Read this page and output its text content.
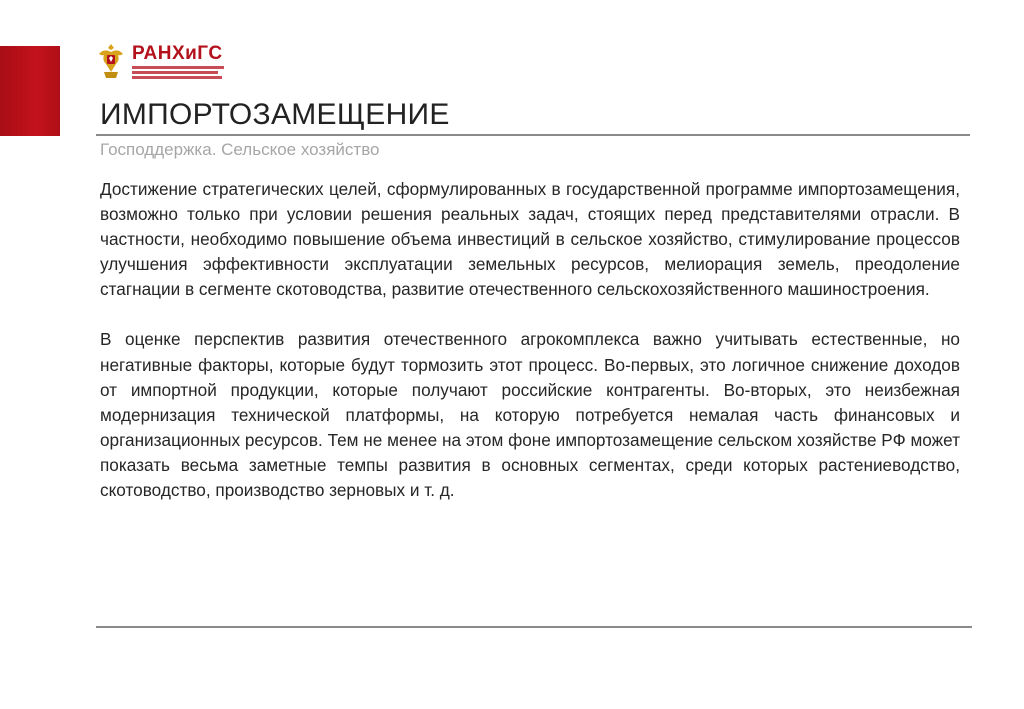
РАНХиГС
ИМПОРТОЗАМЕЩЕНИЕ

Господдержка. Сельское хозяйство

Достижение стратегических целей, сформулированных в государственной программе импортозамещения, возможно только при условии решения реальных задач, стоящих перед представителями отрасли. В частности, необходимо повышение объема инвестиций в сельское хозяйство, стимулирование процессов улучшения эффективности эксплуатации земельных ресурсов, мелиорация земель, преодоление стагнации в сегменте скотоводства, развитие отечественного сельскохозяйственного машиностроения.

В оценке перспектив развития отечественного агрокомплекса важно учитывать естественные, но негативные факторы, которые будут тормозить этот процесс. Во-первых, это логичное снижение доходов от импортной продукции, которые получают российские контрагенты. Во-вторых, это неизбежная модернизация технической платформы, на которую потребуется немалая часть финансовых и организационных ресурсов. Тем не менее на этом фоне импортозамещение сельском хозяйстве РФ может показать весьма заметные темпы развития в основных сегментах, среди которых растениеводство, скотоводство, производство зерновых и т. д.
